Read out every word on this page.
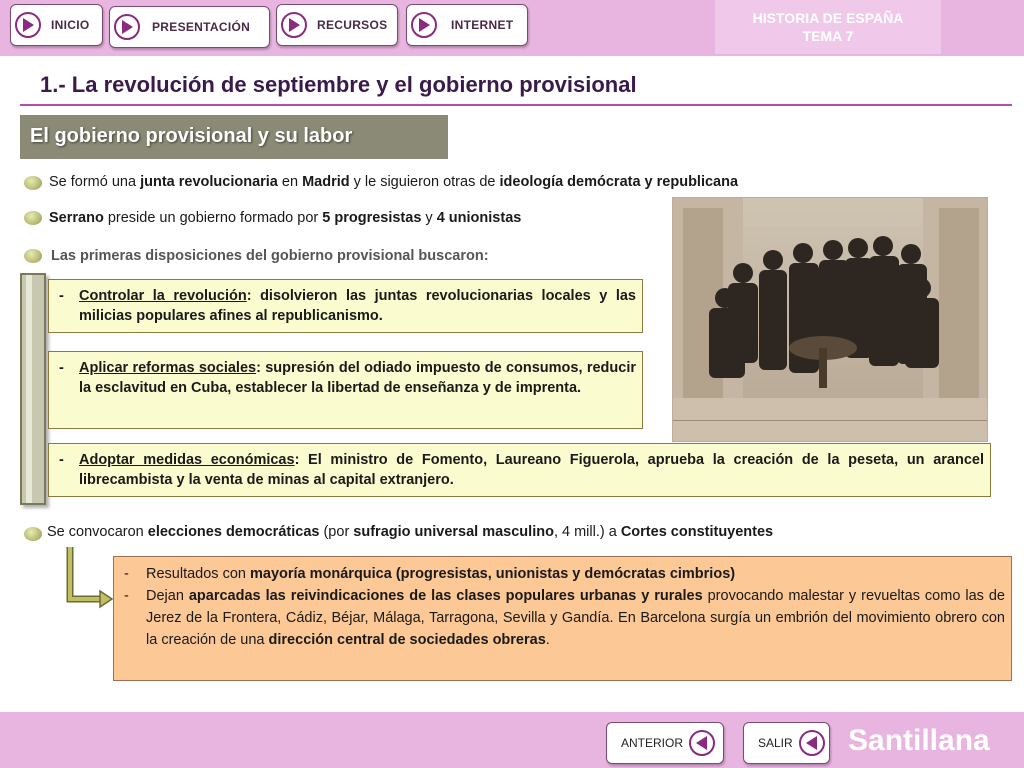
INICIO	PRESENTACIÓN	RECURSOS	INTERNET	HISTORIA DE ESPAÑA
TEMA 7
1.- La revolución de septiembre y el gobierno provisional
El gobierno provisional y su labor
Se formó una junta revolucionaria en Madrid y le siguieron otras de ideología demócrata y republicana
Serrano preside un gobierno formado por 5 progresistas y 4 unionistas
Las primeras disposiciones del gobierno provisional buscaron:
- Controlar la revolución: disolvieron las juntas revolucionarias locales y las milicias populares afines al republicanismo.
- Aplicar reformas sociales: supresión del odiado impuesto de consumos, reducir la esclavitud en Cuba, establecer la libertad de enseñanza y de imprenta.
- Adoptar medidas económicas: El ministro de Fomento, Laureano Figuerola, aprueba la creación de la peseta, un arancel librecambista y la venta de minas al capital extranjero.
Se convocaron elecciones democráticas (por sufragio universal masculino, 4 mill.) a Cortes constituyentes

- Resultados con mayoría monárquica (progresistas, unionistas y demócratas cimbrios)

- Dejan aparcadas las reivindicaciones de las clases populares urbanas y rurales provocando malestar y revueltas como las de Jerez de la Frontera, Cádiz, Béjar, Málaga, Tarragona, Sevilla y Gandía. En Barcelona surgía un embrión del movimiento obrero con la creación de una dirección central de sociedades obreras.

ANTERIOR	SALIR Santillana
